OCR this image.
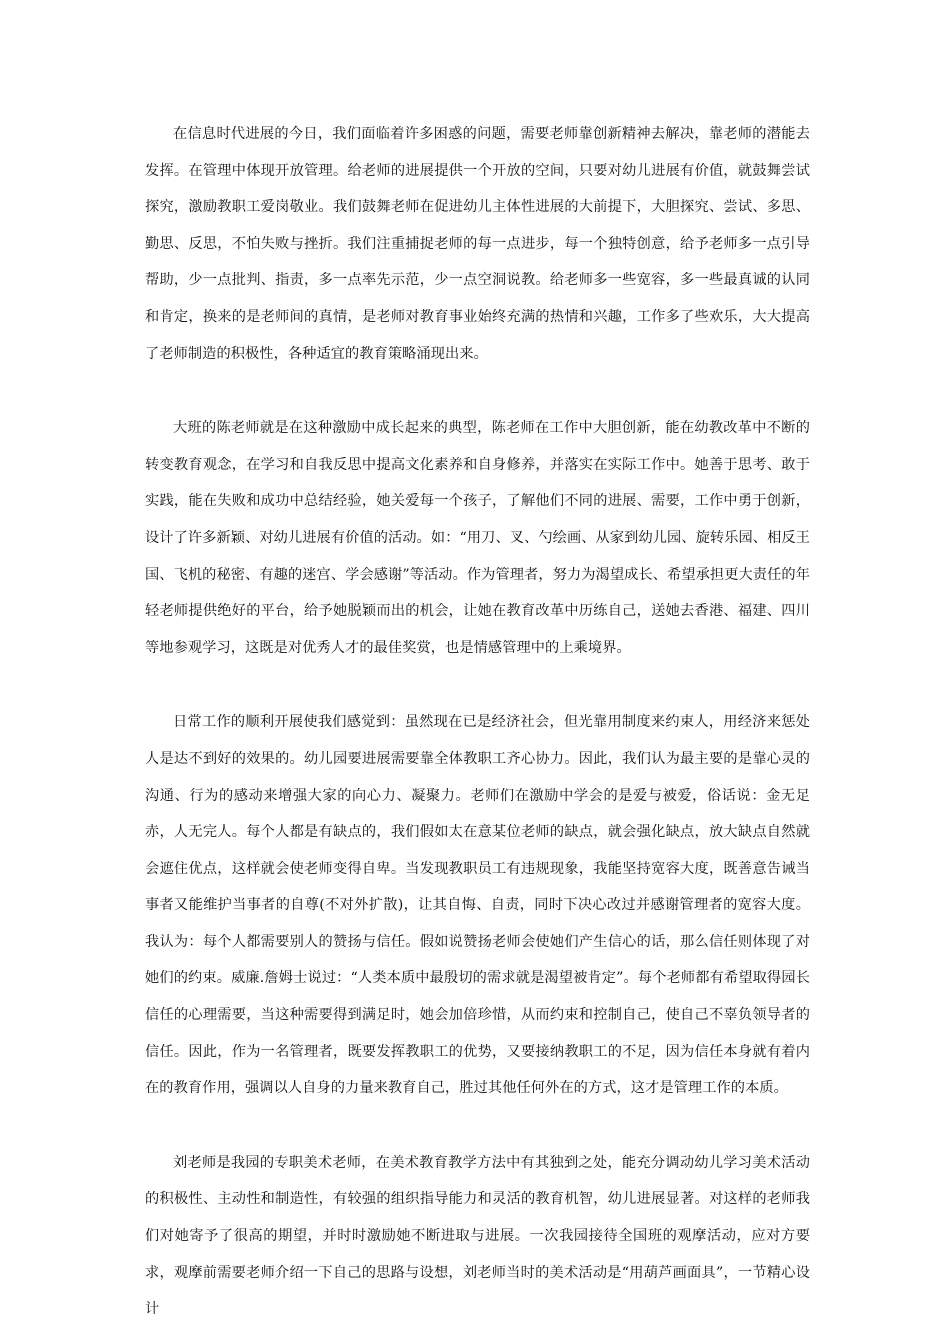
在信息时代进展的今日，我们面临着许多困惑的问题，需要老师靠创新精神去解决，靠老师的潜能去发挥。在管理中体现开放管理。给老师的进展提供一个开放的空间，只要对幼儿进展有价值，就鼓舞尝试探究，激励教职工爱岗敬业。我们鼓舞老师在促进幼儿主体性进展的大前提下，大胆探究、尝试、多思、勤思、反思，不怕失败与挫折。我们注重捕捉老师的每一点进步，每一个独特创意，给予老师多一点引导帮助，少一点批判、指责，多一点率先示范，少一点空洞说教。给老师多一些宽容，多一些最真诚的认同和肯定，换来的是老师间的真情，是老师对教育事业始终充满的热情和兴趣，工作多了些欢乐，大大提高了老师制造的积极性，各种适宜的教育策略涌现出来。

大班的陈老师就是在这种激励中成长起来的典型，陈老师在工作中大胆创新，能在幼教改革中不断的转变教育观念，在学习和自我反思中提高文化素养和自身修养，并落实在实际工作中。她善于思考、敢于实践，能在失败和成功中总结经验，她关爱每一个孩子，了解他们不同的进展、需要，工作中勇于创新，设计了许多新颖、对幼儿进展有价值的活动。如：“用刀、叉、勺绘画、从家到幼儿园、旋转乐园、相反王国、飞机的秘密、有趣的迷宫、学会感谢”等活动。作为管理者，努力为渴望成长、希望承担更大责任的年轻老师提供绝好的平台，给予她脱颖而出的机会，让她在教育改革中历练自己，送她去香港、福建、四川等地参观学习，这既是对优秀人才的最佳奖赏，也是情感管理中的上乘境界。

日常工作的顺利开展使我们感觉到：虽然现在已是经济社会，但光靠用制度来约束人，用经济来惩处人是达不到好的效果的。幼儿园要进展需要靠全体教职工齐心协力。因此，我们认为最主要的是靠心灵的沟通、行为的感动来增强大家的向心力、凝聚力。老师们在激励中学会的是爱与被爱，俗话说：金无足赤，人无完人。每个人都是有缺点的，我们假如太在意某位老师的缺点，就会强化缺点，放大缺点自然就会遮住优点，这样就会使老师变得自卑。当发现教职员工有违规现象，我能坚持宽容大度，既善意告诫当事者又能维护当事者的自尊(不对外扩散)，让其自悔、自责，同时下决心改过并感谢管理者的宽容大度。我认为：每个人都需要别人的赞扬与信任。假如说赞扬老师会使她们产生信心的话，那么信任则体现了对她们的约束。威廉.詹姆士说过：“人类本质中最殷切的需求就是渴望被肯定”。每个老师都有希望取得园长信任的心理需要，当这种需要得到满足时，她会加倍珍惜，从而约束和控制自己，使自己不辜负领导者的信任。因此，作为一名管理者，既要发挥教职工的优势，又要接纳教职工的不足，因为信任本身就有着内在的教育作用，强调以人自身的力量来教育自己，胜过其他任何外在的方式，这才是管理工作的本质。

刘老师是我园的专职美术老师，在美术教育教学方法中有其独到之处，能充分调动幼儿学习美术活动的积极性、主动性和制造性，有较强的组织指导能力和灵活的教育机智，幼儿进展显著。对这样的老师我们对她寄予了很高的期望，并时时激励她不断进取与进展。一次我园接待全国班的观摩活动，应对方要求，观摩前需要老师介绍一下自己的思路与设想，刘老师当时的美术活动是“用葫芦画面具”，一节精心设计
